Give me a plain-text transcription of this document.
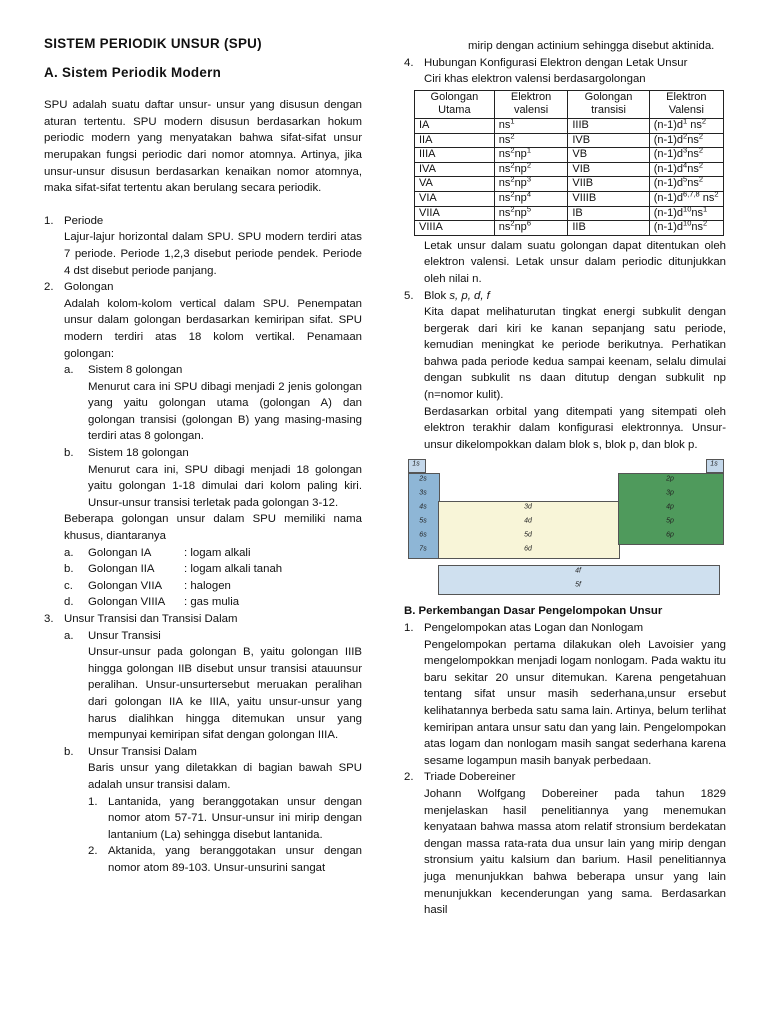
SISTEM PERIODIK UNSUR (SPU)
A. Sistem Periodik Modern

SPU adalah suatu daftar unsur- unsur yang disusun dengan aturan tertentu. SPU modern disusun berdasarkan hokum periodic modern yang menyatakan bahwa sifat-sifat unsur merupakan fungsi periodic dari nomor atomnya. Artinya, jika unsur-unsur disusun berdasarkan kenaikan nomor atomnya, maka sifat-sifat tertentu akan berulang secara periodik.

1. Periode

Lajur-lajur horizontal dalam SPU. SPU modern terdiri atas 7 periode. Periode 1,2,3 disebut periode pendek. Periode 4 dst disebut periode panjang.

2. Golongan

Adalah kolom-kolom vertical dalam SPU. Penempatan unsur dalam golongan berdasarkan kemiripan sifat. SPU modern terdiri atas 18 kolom vertikal. Penamaan golongan:

a.	Sistem 8 golongan

Menurut cara ini SPU dibagi menjadi 2 jenis golongan yang yaitu golongan utama (golongan A) dan golongan transisi (golongan B) yang masing-masing terdiri atas 8 golongan.

b.	Sistem 18 golongan

Menurut cara ini, SPU dibagi menjadi 18 golongan yaitu golongan 1-18 dimulai dari kolom paling kiri. Unsur-unsur transisi terletak pada golongan 3-12.

Beberapa golongan unsur dalam SPU memiliki nama khusus, diantaranya

a.	Golongan IA	: logam alkali
b.	Golongan IIA	: logam alkali tanah
c.	Golongan VIIA	: halogen
d.	Golongan VIIIA	: gas mulia
3. Unsur Transisi dan Transisi Dalam
a.	Unsur Transisi

Unsur-unsur pada golongan B, yaitu golongan IIIB hingga golongan IIB disebut unsur transisi atauunsur peralihan. Unsur-unsurtersebut meruakan peralihan dari golongan IIA ke IIIA, yaitu unsur-unsur yang harus dialihkan hingga ditemukan unsur yang mempunyai kemiripan sifat dengan golongan IIIA.

b.	Unsur Transisi Dalam

Baris unsur yang diletakkan di bagian bawah SPU adalah unsur transisi dalam.

1. Lantanida, yang beranggotakan unsur dengan nomor atom 57-71. Unsur-unsur ini mirip dengan lantanium (La) sehingga disebut lantanida.

2. Aktanida, yang beranggotakan unsur dengan nomor atom 89-103. Unsur-unsurini sangat

mirip dengan actinium sehingga disebut aktinida.

4. Hubungan Konfigurasi Elektron dengan Letak Unsur
Ciri khas elektron valensi berdasargolongan
Golongan Utama	Elektron valensi	Golongan transisi	Elektron Valensi
IA	$ns^1$	IIIB	$(n-1)d^1$ $ns^2$
IIA	$ns^2$	IVB	$(n-1)d^2ns^2$
IIIA	$ns^2np^1$	VB	$(n-1)d^3ns^2$
IVA	$ns^2np^2$	VIB	$(n-1)d^4ns^2$
VA	$ns^2np^3$	VIIB	$(n-1)d^5ns^2$
VIA	$ns^2np^4$	VIIIB	$(n-1)d^{6,7,8}$ $ns^2$
VIIA	$ns^2np^5$	IB	$(n-1)d^{10}ns^1$
VIIIA	$ns^2np^6$	IIB	$(n-1)d^{10}ns^2$

Letak unsur dalam suatu golongan dapat ditentukan oleh elektron valensi. Letak unsur dalam periodic ditunjukkan oleh nilai n.

5. Blok s, p, d, f

Kita dapat melihaturutan tingkat energi subkulit dengan bergerak dari kiri ke kanan sepanjang satu periode, kemudian meningkat ke periode berikutnya. Perhatikan bahwa pada periode kedua sampai keenam, selalu dimulai dengan subkulit ns daan ditutup dengan subkulit np (n=nomor kulit).

Berdasarkan orbital yang ditempati yang sitempati oleh elektron terakhir dalam konfigurasi elektronnya. Unsur-unsur dikelompokkan dalam blok s, blok p, dan blok p.

1s	1s
2s
3s
4s
5s
6s
7s
3d
4d
5d
6d
2p
3p
4p
5p
6p
4f
5f
B. Perkembangan Dasar Pengelompokan Unsur
1. Pengelompokan atas Logan dan Nonlogam

Pengelompokan pertama dilakukan oleh Lavoisier yang mengelompokkan menjadi logam nonlogam. Pada waktu itu baru sekitar 20 unsur ditemukan. Karena pengetahuan tentang sifat unsur masih sederhana,unsur ersebut kelihatannya berbeda satu sama lain. Artinya, belum terlihat kemiripan antara unsur satu dan yang lain. Pengelompokan atas logam dan nonlogam masih sangat sederhana karena sesame logampun masih banyak perbedaan.

2. Triade Dobereiner

Johann Wolfgang Dobereiner pada tahun 1829 menjelaskan hasil penelitiannya yang menemukan kenyataan bahwa massa atom relatif stronsium berdekatan dengan massa rata-rata dua unsur lain yang mirip dengan stronsium yaitu kalsium dan barium. Hasil penelitiannya juga menunjukkan bahwa beberapa unsur yang lain menunjukkan kecenderungan yang sama. Berdasarkan hasil
